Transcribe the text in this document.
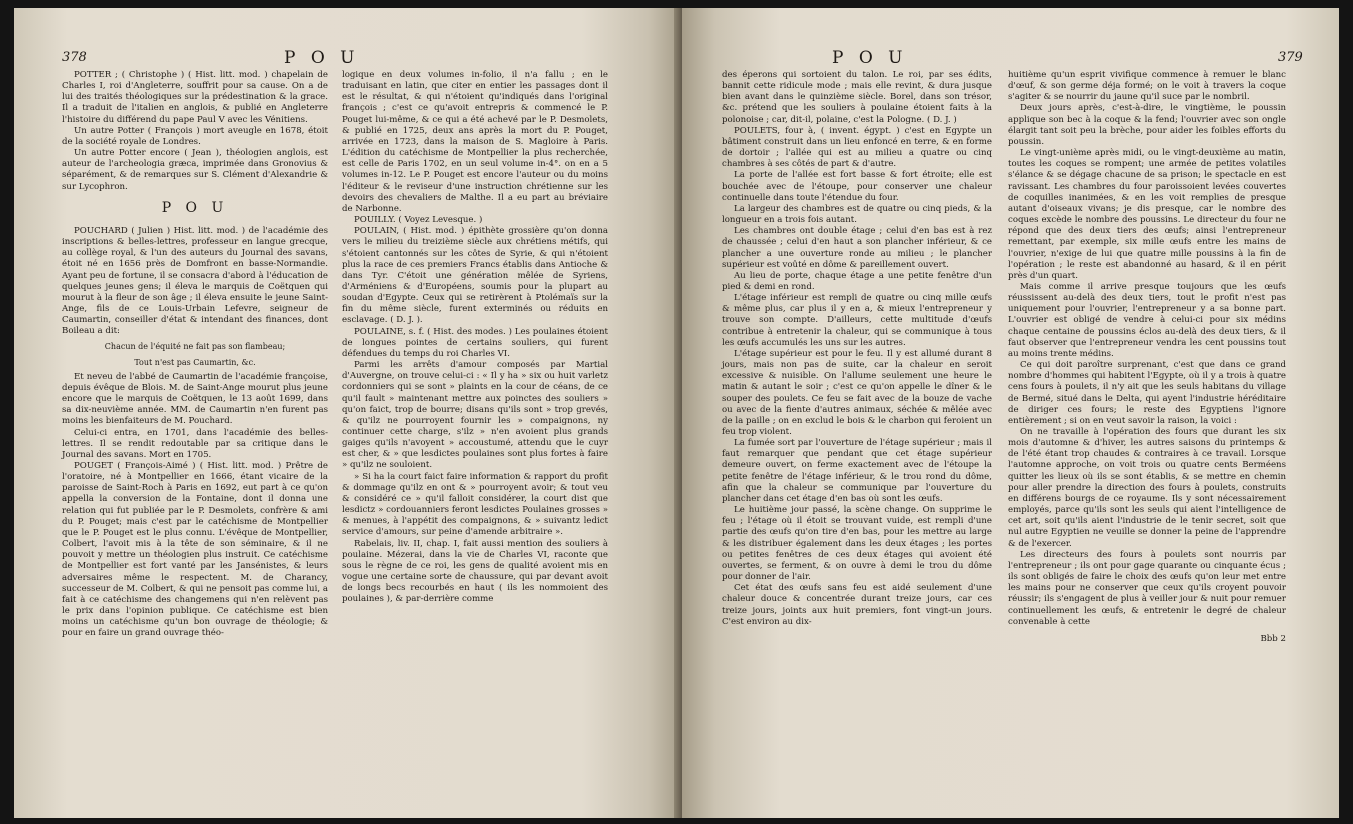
378	P O U

POTTER ; ( Christophe ) ( Hist. litt. mod. ) chapelain de Charles I, roi d'Angleterre, souffrit pour sa cause. On a de lui des traités théologiques sur la prédestination & la grace. Il a traduit de l'italien en anglois, & publié en Angleterre l'histoire du différend du pape Paul V avec les Vénitiens.

Un autre Potter ( François ) mort aveugle en 1678, étoit de la société royale de Londres.

Un autre Potter encore ( Jean ), théologien anglois, est auteur de l'archeologia græca, imprimée dans Gronovius & séparément, & de remarques sur S. Clément d'Alexandrie & sur Lycophron.

P O U

POUCHARD ( Julien ) Hist. litt. mod. ) de l'académie des inscriptions & belles-lettres, professeur en langue grecque, au collège royal, & l'un des auteurs du Journal des savans, étoit né en 1656 près de Domfront en basse-Normandie. Ayant peu de fortune, il se consacra d'abord à l'éducation de quelques jeunes gens; il éleva le marquis de Coëtquen qui mourut à la fleur de son âge ; il éleva ensuite le jeune Saint-Ange, fils de ce Louis-Urbain Lefevre, seigneur de Caumartin, conseiller d'état & intendant des finances, dont Boileau a dit:

Chacun de l'équité ne fait pas son flambeau;

Tout n'est pas Caumartin, &c.

Et neveu de l'abbé de Caumartin de l'académie françoise, depuis évêque de Blois. M. de Saint-Ange mourut plus jeune encore que le marquis de Coëtquen, le 13 août 1699, dans sa dix-neuvième année. MM. de Caumartin n'en furent pas moins les bienfaiteurs de M. Pouchard.

Celui-ci entra, en 1701, dans l'académie des belles-lettres. Il se rendit redoutable par sa critique dans le Journal des savans. Mort en 1705.

POUGET ( François-Aimé ) ( Hist. litt. mod. ) Prêtre de l'oratoire, né à Montpellier en 1666, étant vicaire de la paroisse de Saint-Roch à Paris en 1692, eut part à ce qu'on appella la conversion de la Fontaine, dont il donna une relation qui fut publiée par le P. Desmolets, confrère & ami du P. Pouget; mais c'est par le catéchisme de Montpellier que le P. Pouget est le plus connu. L'évêque de Montpellier, Colbert, l'avoit mis à la tête de son séminaire, & il ne pouvoit y mettre un théologien plus instruit. Ce catéchisme de Montpellier est fort vanté par les Jansénistes, & leurs adversaires même le respectent. M. de Charancy, successeur de M. Colbert, & qui ne pensoit pas comme lui, a fait à ce catéchisme des changemens qui n'en relèvent pas le prix dans l'opinion publique. Ce catéchisme est bien moins un catéchisme qu'un bon ouvrage de théologie; & pour en faire un grand ouvrage théo-

logique en deux volumes in-folio, il n'a fallu ; en le traduisant en latin, que citer en entier les passages dont il est le résultat, & qui n'étoient qu'indiqués dans l'original françois ; c'est ce qu'avoit entrepris & commencé le P. Pouget lui-même, & ce qui a été achevé par le P. Desmolets, & publié en 1725, deux ans après la mort du P. Pouget, arrivée en 1723, dans la maison de S. Magloire à Paris. L'édition du catéchisme de Montpellier la plus recherchée, est celle de Paris 1702, en un seul volume in-4°. on en a 5 volumes in-12. Le P. Pouget est encore l'auteur ou du moins l'éditeur & le reviseur d'une instruction chrétienne sur les devoirs des chevaliers de Malthe. Il a eu part au bréviaire de Narbonne.

POUILLY. ( Voyez Levesque. )

POULAIN, ( Hist. mod. ) épithète grossière qu'on donna vers le milieu du treizième siècle aux chrétiens métifs, qui s'étoient cantonnés sur les côtes de Syrie, & qui n'étoient plus la race de ces premiers Francs établis dans Antioche & dans Tyr. C'étoit une génération mêlée de Syriens, d'Arméniens & d'Européens, soumis pour la plupart au soudan d'Egypte. Ceux qui se retirèrent à Ptolémaïs sur la fin du même siècle, furent exterminés ou réduits en esclavage. ( D. J. ).

POULAINE, s. f. ( Hist. des modes. ) Les poulaines étoient de longues pointes de certains souliers, qui furent défendues du temps du roi Charles VI.

Parmi les arrêts d'amour composés par Martial d'Auvergne, on trouve celui-ci : « Il y ha » six ou huit varletz cordonniers qui se sont » plaints en la cour de céans, de ce qu'il fault » maintenant mettre aux poinctes des souliers » qu'on faict, trop de bourre; disans qu'ils sont » trop grevés, & qu'ilz ne pourroyent fournir les » compaignons, ny continuer cette charge, s'ilz » n'en avoient plus grands gaiges qu'ils n'avoyent » accoustumé, attendu que le cuyr est cher, & » que lesdictes poulaines sont plus fortes à faire » qu'ilz ne souloient.

» Si ha la court faict faire information & rapport du profit & dommage qu'ilz en ont & » pourroyent avoir; & tout veu & considéré ce » qu'il falloit considérer, la court dist que lesdictz » cordouanniers feront lesdictes Poulaines grosses » & menues, à l'appétit des compaignons, & » suivantz ledict service d'amours, sur peine d'amende arbitraire ».

Rabelais, liv. II, chap. I, fait aussi mention des souliers à poulaine. Mézerai, dans la vie de Charles VI, raconte que sous le règne de ce roi, les gens de qualité avoient mis en vogue une certaine sorte de chaussure, qui par devant avoit de longs becs recourbés en haut ( ils les nommoient des poulaines ), & par-derrière comme

P O U	379

des éperons qui sortoient du talon. Le roi, par ses édits, bannit cette ridicule mode ; mais elle revint, & dura jusque bien avant dans le quinzième siècle. Borel, dans son trésor, &c. prétend que les souliers à poulaine étoient faits à la polonoise ; car, dit-il, polaine, c'est la Pologne. ( D. J. )

POULETS, four à, ( invent. égypt. ) c'est en Egypte un bâtiment construit dans un lieu enfoncé en terre, & en forme de dortoir ; l'allée qui est au milieu a quatre ou cinq chambres à ses côtés de part & d'autre.

La porte de l'allée est fort basse & fort étroite; elle est bouchée avec de l'étoupe, pour conserver une chaleur continuelle dans toute l'étendue du four.

La largeur des chambres est de quatre ou cinq pieds, & la longueur en a trois fois autant.

Les chambres ont double étage ; celui d'en bas est à rez de chaussée ; celui d'en haut a son plancher inférieur, & ce plancher a une ouverture ronde au milieu ; le plancher supérieur est voûté en dôme & pareillement ouvert.

Au lieu de porte, chaque étage a une petite fenêtre d'un pied & demi en rond.

L'étage inférieur est rempli de quatre ou cinq mille œufs & même plus, car plus il y en a, & mieux l'entrepreneur y trouve son compte. D'ailleurs, cette multitude d'œufs contribue à entretenir la chaleur, qui se communique à tous les œufs accumulés les uns sur les autres.

L'étage supérieur est pour le feu. Il y est allumé durant 8 jours, mais non pas de suite, car la chaleur en seroit excessive & nuisible. On l'allume seulement une heure le matin & autant le soir ; c'est ce qu'on appelle le dîner & le souper des poulets. Ce feu se fait avec de la bouze de vache ou avec de la fiente d'autres animaux, séchée & mêlée avec de la paille ; on en exclud le bois & le charbon qui feroient un feu trop violent.

La fumée sort par l'ouverture de l'étage supérieur ; mais il faut remarquer que pendant que cet étage supérieur demeure ouvert, on ferme exactement avec de l'étoupe la petite fenêtre de l'étage inférieur, & le trou rond du dôme, afin que la chaleur se communique par l'ouverture du plancher dans cet étage d'en bas où sont les œufs.

Le huitième jour passé, la scène change. On supprime le feu ; l'étage où il étoit se trouvant vuide, est rempli d'une partie des œufs qu'on tire d'en bas, pour les mettre au large & les distribuer également dans les deux étages ; les portes ou petites fenêtres de ces deux étages qui avoient été ouvertes, se ferment, & on ouvre à demi le trou du dôme pour donner de l'air.

Cet état des œufs sans feu est aidé seulement d'une chaleur douce & concentrée durant treize jours, car ces treize jours, joints aux huit premiers, font vingt-un jours. C'est environ au dix-

huitième qu'un esprit vivifique commence à remuer le blanc d'œuf, & son germe déja formé; on le voit à travers la coque s'agiter & se nourrir du jaune qu'il suce par le nombril.

Deux jours après, c'est-à-dire, le vingtième, le poussin applique son bec à la coque & la fend; l'ouvrier avec son ongle élargit tant soit peu la brèche, pour aider les foibles efforts du poussin.

Le vingt-unième après midi, ou le vingt-deuxième au matin, toutes les coques se rompent; une armée de petites volatiles s'élance & se dégage chacune de sa prison; le spectacle en est ravissant. Les chambres du four paroissoient levées couvertes de coquilles inanimées, & en les voit remplies de presque autant d'oiseaux vivans; je dis presque, car le nombre des coques excède le nombre des poussins. Le directeur du four ne répond que des deux tiers des œufs; ainsi l'entrepreneur remettant, par exemple, six mille œufs entre les mains de l'ouvrier, n'exige de lui que quatre mille poussins à la fin de l'opération ; le reste est abandonné au hasard, & il en périt près d'un quart.

Mais comme il arrive presque toujours que les œufs réussissent au-delà des deux tiers, tout le profit n'est pas uniquement pour l'ouvrier, l'entrepreneur y a sa bonne part. L'ouvrier est obligé de vendre à celui-ci pour six médins chaque centaine de poussins éclos au-delà des deux tiers, & il faut observer que l'entrepreneur vendra les cent poussins tout au moins trente médins.

Ce qui doit paroître surprenant, c'est que dans ce grand nombre d'hommes qui habitent l'Egypte, où il y a trois à quatre cens fours à poulets, il n'y ait que les seuls habitans du village de Bermé, situé dans le Delta, qui ayent l'industrie héréditaire de diriger ces fours; le reste des Egyptiens l'ignore entièrement ; si on en veut savoir la raison, la voici :

On ne travaille à l'opération des fours que durant les six mois d'automne & d'hiver, les autres saisons du printemps & de l'été étant trop chaudes & contraires à ce travail. Lorsque l'automne approche, on voit trois ou quatre cents Berméens quitter les lieux où ils se sont établis, & se mettre en chemin pour aller prendre la direction des fours à poulets, construits en différens bourgs de ce royaume. Ils y sont nécessairement employés, parce qu'ils sont les seuls qui aient l'intelligence de cet art, soit qu'ils aient l'industrie de le tenir secret, soit que nul autre Egyptien ne veuille se donner la peine de l'apprendre & de l'exercer.

Les directeurs des fours à poulets sont nourris par l'entrepreneur ; ils ont pour gage quarante ou cinquante écus ; ils sont obligés de faire le choix des œufs qu'on leur met entre les mains pour ne conserver que ceux qu'ils croyent pouvoir réussir; ils s'engagent de plus à veiller jour & nuit pour remuer continuellement les œufs, & entretenir le degré de chaleur convenable à cette

Bbb 2
